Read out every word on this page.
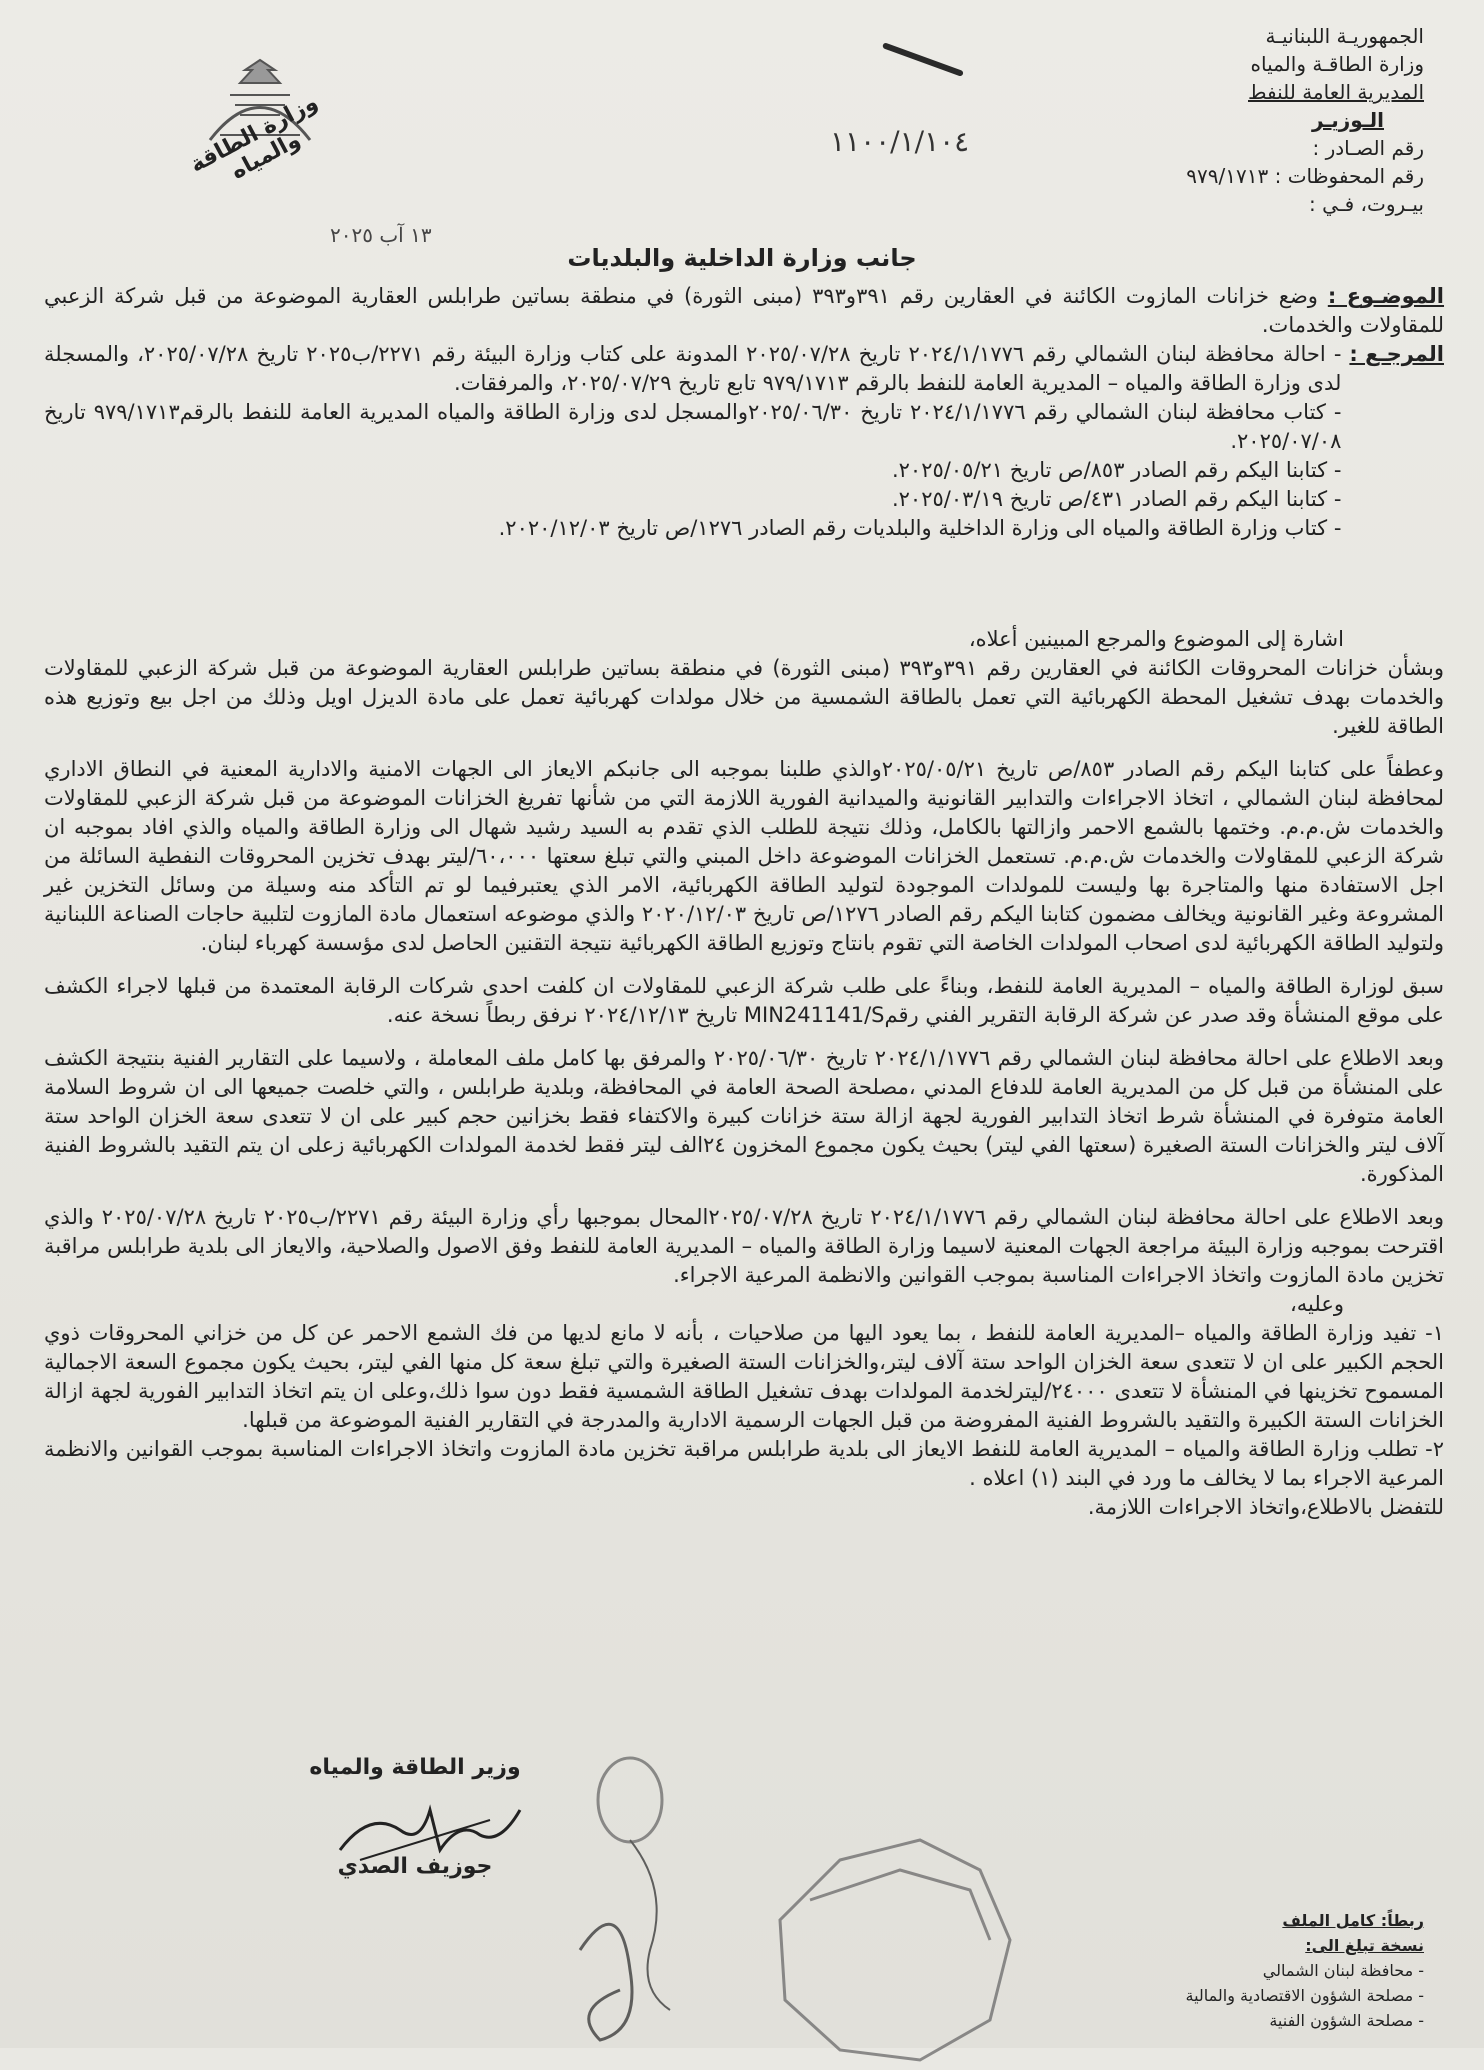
الجمهوريـة اللبنانيـة
وزارة الطاقـة والمياه
المديرية العامة للنفط
الـوزيـر
رقم الصـادر :
رقم المحفوظات : ٩٧٩/١٧١٣
بيـروت، فـي :
١١٠٠/١/١٠٤
١٣ آب ٢٠٢٥
وزارة الطاقة والمياه
جانب وزارة الداخلية والبلديات

الموضـوع : وضع خزانات المازوت الكائنة في العقارين رقم ٣٩١و٣٩٣ (مبنى الثورة) في منطقة بساتين طرابلس العقارية الموضوعة من قبل شركة الزعبي للمقاولات والخدمات.

المرجـع :
- احالة محافظة لبنان الشمالي رقم ٢٠٢٤/١/١٧٧٦ تاريخ ٢٠٢٥/٠٧/٢٨ المدونة على كتاب وزارة البيئة رقم ٢٢٧١/ب٢٠٢٥ تاريخ ٢٠٢٥/٠٧/٢٨، والمسجلة لدى وزارة الطاقة والمياه – المديرية العامة للنفط بالرقم ٩٧٩/١٧١٣ تابع تاريخ ٢٠٢٥/٠٧/٢٩، والمرفقات.
- كتاب محافظة لبنان الشمالي رقم ٢٠٢٤/١/١٧٧٦ تاريخ ٢٠٢٥/٠٦/٣٠والمسجل لدى وزارة الطاقة والمياه المديرية العامة للنفط بالرقم٩٧٩/١٧١٣ تاريخ ٢٠٢٥/٠٧/٠٨.
- كتابنا اليكم رقم الصادر ٨٥٣/ص تاريخ ٢٠٢٥/٠٥/٢١.
- كتابنا اليكم رقم الصادر ٤٣١/ص تاريخ ٢٠٢٥/٠٣/١٩.
- كتاب وزارة الطاقة والمياه الى وزارة الداخلية والبلديات رقم الصادر ١٢٧٦/ص تاريخ ٢٠٢٠/١٢/٠٣.

اشارة إلى الموضوع والمرجع المبينين أعلاه،

وبشأن خزانات المحروقات الكائنة في العقارين رقم ٣٩١و٣٩٣ (مبنى الثورة) في منطقة بساتين طرابلس العقارية الموضوعة من قبل شركة الزعبي للمقاولات والخدمات بهدف تشغيل المحطة الكهربائية التي تعمل بالطاقة الشمسية من خلال مولدات كهربائية تعمل على مادة الديزل اويل وذلك من اجل بيع وتوزيع هذه الطاقة للغير.

وعطفاً على كتابنا اليكم رقم الصادر ٨٥٣/ص تاريخ ٢٠٢٥/٠٥/٢١والذي طلبنا بموجبه الى جانبكم الايعاز الى الجهات الامنية والادارية المعنية في النطاق الاداري لمحافظة لبنان الشمالي ، اتخاذ الاجراءات والتدابير القانونية والميدانية الفورية اللازمة التي من شأنها تفريغ الخزانات الموضوعة من قبل شركة الزعبي للمقاولات والخدمات ش.م.م. وختمها بالشمع الاحمر وازالتها بالكامل، وذلك نتيجة للطلب الذي تقدم به السيد رشيد شهال الى وزارة الطاقة والمياه والذي افاد بموجبه ان شركة الزعبي للمقاولات والخدمات ش.م.م. تستعمل الخزانات الموضوعة داخل المبني والتي تبلغ سعتها ٦٠،٠٠٠/ليتر بهدف تخزين المحروقات النفطية السائلة من اجل الاستفادة منها والمتاجرة بها وليست للمولدات الموجودة لتوليد الطاقة الكهربائية، الامر الذي يعتبرفيما لو تم التأكد منه وسيلة من وسائل التخزين غير المشروعة وغير القانونية ويخالف مضمون كتابنا اليكم رقم الصادر ١٢٧٦/ص تاريخ ٢٠٢٠/١٢/٠٣ والذي موضوعه استعمال مادة المازوت لتلبية حاجات الصناعة اللبنانية ولتوليد الطاقة الكهربائية لدى اصحاب المولدات الخاصة التي تقوم بانتاج وتوزيع الطاقة الكهربائية نتيجة التقنين الحاصل لدى مؤسسة كهرباء لبنان.

سبق لوزارة الطاقة والمياه – المديرية العامة للنفط، وبناءً على طلب شركة الزعبي للمقاولات ان كلفت احدى شركات الرقابة المعتمدة من قبلها لاجراء الكشف على موقع المنشأة وقد صدر عن شركة الرقابة التقرير الفني رقمMIN241141/S تاريخ ٢٠٢٤/١٢/١٣ نرفق ربطاً نسخة عنه.

وبعد الاطلاع على احالة محافظة لبنان الشمالي رقم ٢٠٢٤/١/١٧٧٦ تاريخ ٢٠٢٥/٠٦/٣٠ والمرفق بها كامل ملف المعاملة ، ولاسيما على التقارير الفنية بنتيجة الكشف على المنشأة من قبل كل من المديرية العامة للدفاع المدني ،مصلحة الصحة العامة في المحافظة، وبلدية طرابلس ، والتي خلصت جميعها الى ان شروط السلامة العامة متوفرة في المنشأة شرط اتخاذ التدابير الفورية لجهة ازالة ستة خزانات كبيرة والاكتفاء فقط بخزانين حجم كبير على ان لا تتعدى سعة الخزان الواحد ستة آلاف ليتر والخزانات الستة الصغيرة (سعتها الفي ليتر) بحيث يكون مجموع المخزون ٢٤الف ليتر فقط لخدمة المولدات الكهربائية زعلى ان يتم التقيد بالشروط الفنية المذكورة.

وبعد الاطلاع على احالة محافظة لبنان الشمالي رقم ٢٠٢٤/١/١٧٧٦ تاريخ ٢٠٢٥/٠٧/٢٨المحال بموجبها رأي وزارة البيئة رقم ٢٢٧١/ب٢٠٢٥ تاريخ ٢٠٢٥/٠٧/٢٨ والذي اقترحت بموجبه وزارة البيئة مراجعة الجهات المعنية لاسيما وزارة الطاقة والمياه – المديرية العامة للنفط وفق الاصول والصلاحية، والايعاز الى بلدية طرابلس مراقبة تخزين مادة المازوت واتخاذ الاجراءات المناسبة بموجب القوانين والانظمة المرعية الاجراء.

وعليه،

١- تفيد وزارة الطاقة والمياه –المديرية العامة للنفط ، بما يعود اليها من صلاحيات ، بأنه لا مانع لديها من فك الشمع الاحمر عن كل من خزاني المحروقات ذوي الحجم الكبير على ان لا تتعدى سعة الخزان الواحد ستة آلاف ليتر،والخزانات الستة الصغيرة والتي تبلغ سعة كل منها الفي ليتر، بحيث يكون مجموع السعة الاجمالية المسموح تخزينها في المنشأة لا تتعدى ٢٤٠٠٠/ليترلخدمة المولدات بهدف تشغيل الطاقة الشمسية فقط دون سوا ذلك،وعلى ان يتم اتخاذ التدابير الفورية لجهة ازالة الخزانات الستة الكبيرة والتقيد بالشروط الفنية المفروضة من قبل الجهات الرسمية الادارية والمدرجة في التقارير الفنية الموضوعة من قبلها.

٢- تطلب وزارة الطاقة والمياه – المديرية العامة للنفط الايعاز الى بلدية طرابلس مراقبة تخزين مادة المازوت واتخاذ الاجراءات المناسبة بموجب القوانين والانظمة المرعية الاجراء بما لا يخالف ما ورد في البند (١) اعلاه .

للتفضل بالاطلاع،واتخاذ الاجراءات اللازمة.

وزير الطاقة والمياه
جوزيف الصدي
ربطاً: كامل الملف
نسخة تبلغ الى:
- محافظة لبنان الشمالي
- مصلحة الشؤون الاقتصادية والمالية
- مصلحة الشؤون الفنية
